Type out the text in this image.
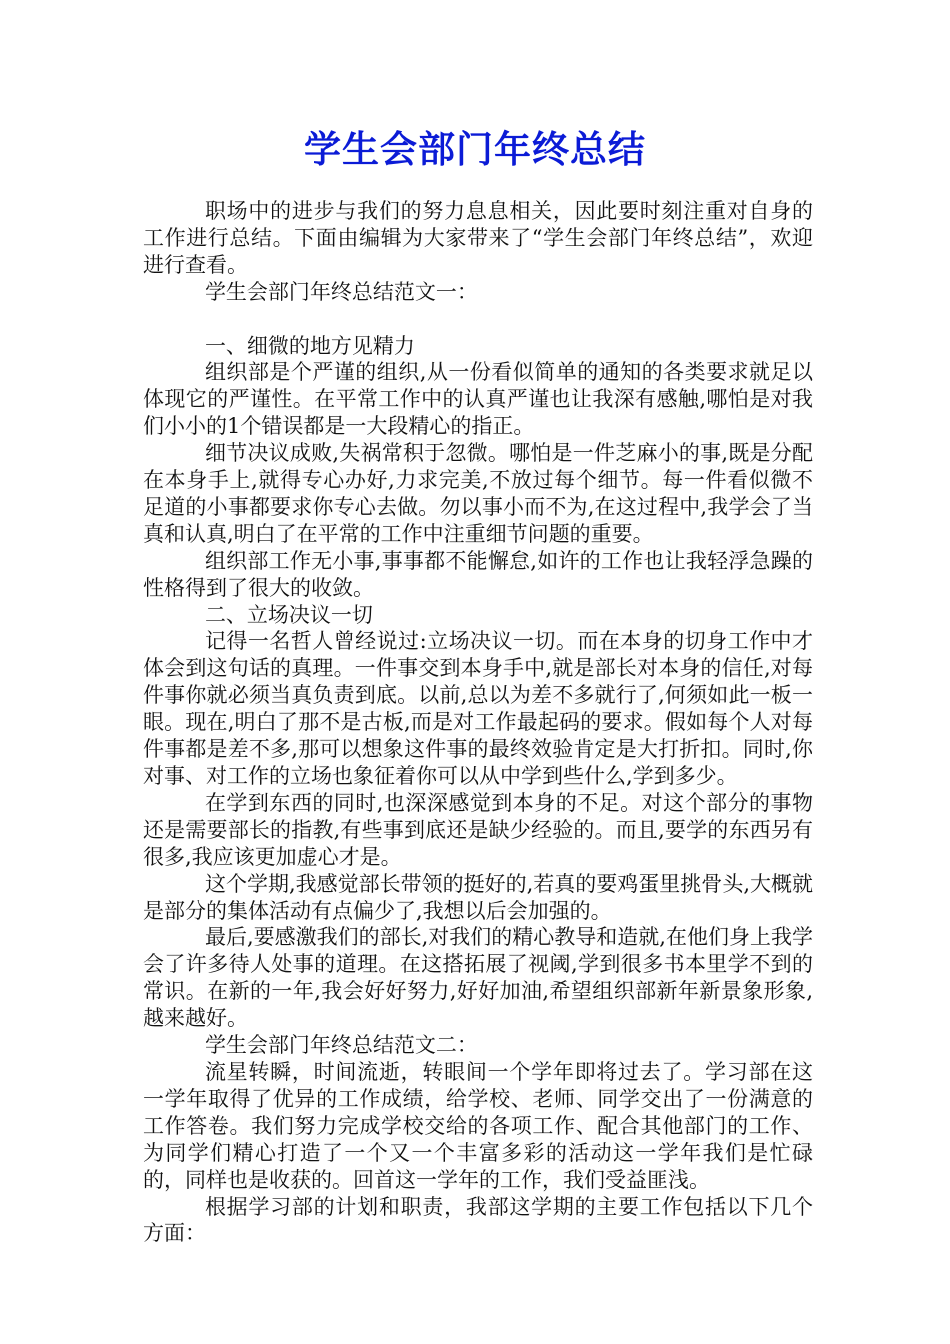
学生会部门年终总结

职场中的进步与我们的努力息息相关，因此要时刻注重对自身的工作进行总结。下面由编辑为大家带来了“学生会部门年终总结”，欢迎进行查看。

学生会部门年终总结范文一：

一、细微的地方见精力

组织部是个严谨的组织,从一份看似简单的通知的各类要求就足以体现它的严谨性。在平常工作中的认真严谨也让我深有感触,哪怕是对我们小小的1个错误都是一大段精心的指正。

细节决议成败,失祸常积于忽微。哪怕是一件芝麻小的事,既是分配在本身手上,就得专心办好,力求完美,不放过每个细节。每一件看似微不足道的小事都要求你专心去做。勿以事小而不为,在这过程中,我学会了当真和认真,明白了在平常的工作中注重细节问题的重要。

组织部工作无小事,事事都不能懈怠,如许的工作也让我轻浮急躁的性格得到了很大的收敛。

二、立场决议一切

记得一名哲人曾经说过:立场决议一切。而在本身的切身工作中才体会到这句话的真理。一件事交到本身手中,就是部长对本身的信任,对每件事你就必须当真负责到底。以前,总以为差不多就行了,何须如此一板一眼。现在,明白了那不是古板,而是对工作最起码的要求。假如每个人对每件事都是差不多,那可以想象这件事的最终效验肯定是大打折扣。同时,你对事、对工作的立场也象征着你可以从中学到些什么,学到多少。

在学到东西的同时,也深深感觉到本身的不足。对这个部分的事物还是需要部长的指教,有些事到底还是缺少经验的。而且,要学的东西另有很多,我应该更加虚心才是。

这个学期,我感觉部长带领的挺好的,若真的要鸡蛋里挑骨头,大概就是部分的集体活动有点偏少了,我想以后会加强的。

最后,要感激我们的部长,对我们的精心教导和造就,在他们身上我学会了许多待人处事的道理。在这搭拓展了视阈,学到很多书本里学不到的常识。在新的一年,我会好好努力,好好加油,希望组织部新年新景象形象,越来越好。

学生会部门年终总结范文二：

流星转瞬，时间流逝，转眼间一个学年即将过去了。学习部在这一学年取得了优异的工作成绩，给学校、老师、同学交出了一份满意的工作答卷。我们努力完成学校交给的各项工作、配合其他部门的工作、为同学们精心打造了一个又一个丰富多彩的活动这一学年我们是忙碌的，同样也是收获的。回首这一学年的工作，我们受益匪浅。

根据学习部的计划和职责，我部这学期的主要工作包括以下几个方面：
